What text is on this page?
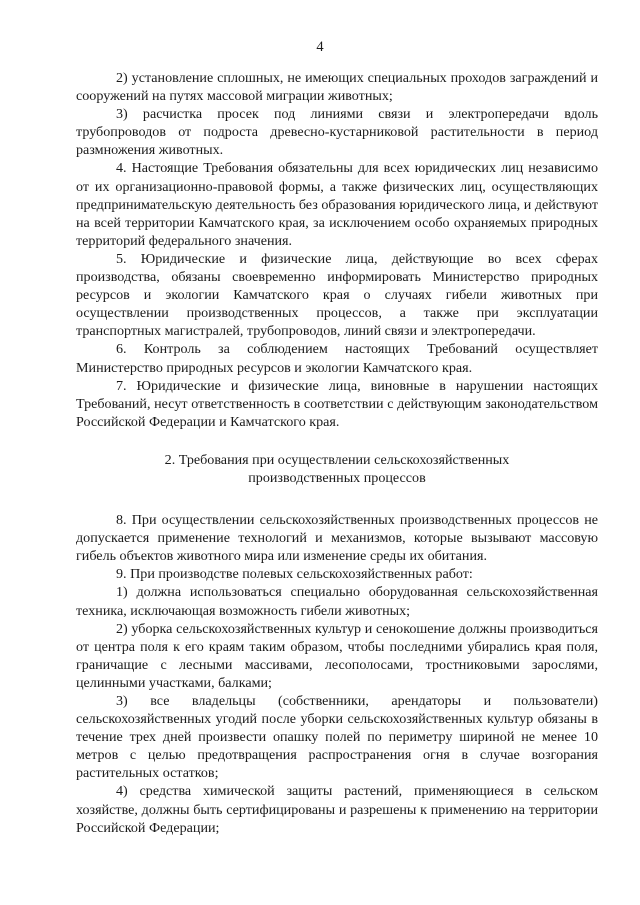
4

2) установление сплошных, не имеющих специальных проходов заграждений и сооружений на путях массовой миграции животных;

3) расчистка просек под линиями связи и электропередачи вдоль трубопроводов от подроста древесно-кустарниковой растительности в период размножения животных.

4. Настоящие Требования обязательны для всех юридических лиц независимо от их организационно-правовой формы, а также физических лиц, осуществляющих предпринимательскую деятельность без образования юридического лица, и действуют на всей территории Камчатского края, за исключением особо охраняемых природных территорий федерального значения.

5. Юридические и физические лица, действующие во всех сферах производства, обязаны своевременно информировать Министерство природных ресурсов и экологии Камчатского края о случаях гибели животных при осуществлении производственных процессов, а также при эксплуатации транспортных магистралей, трубопроводов, линий связи и электропередачи.

6. Контроль за соблюдением настоящих Требований осуществляет Министерство природных ресурсов и экологии Камчатского края.

7. Юридические и физические лица, виновные в нарушении настоящих Требований, несут ответственность в соответствии с действующим законодательством Российской Федерации и Камчатского края.

2. Требования при осуществлении сельскохозяйственных
производственных процессов

8. При осуществлении сельскохозяйственных производственных процессов не допускается применение технологий и механизмов, которые вызывают массовую гибель объектов животного мира или изменение среды их обитания.

9. При производстве полевых сельскохозяйственных работ:

1) должна использоваться специально оборудованная сельскохозяйственная техника, исключающая возможность гибели животных;

2) уборка сельскохозяйственных культур и сенокошение должны производиться от центра поля к его краям таким образом, чтобы последними убирались края поля, граничащие с лесными массивами, лесополосами, тростниковыми зарослями, целинными участками, балками;

3) все владельцы (собственники, арендаторы и пользователи) сельскохозяйственных угодий после уборки сельскохозяйственных культур обязаны в течение трех дней произвести опашку полей по периметру шириной не менее 10 метров с целью предотвращения распространения огня в случае возгорания растительных остатков;

4) средства химической защиты растений, применяющиеся в сельском хозяйстве, должны быть сертифицированы и разрешены к применению на территории Российской Федерации;
